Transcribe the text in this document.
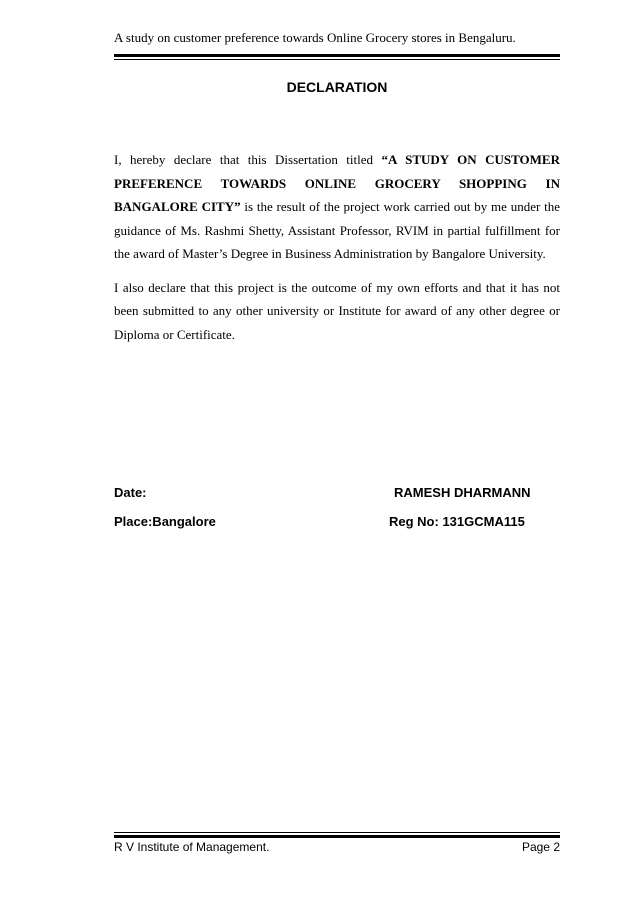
A study on customer preference towards Online Grocery stores in Bengaluru.
DECLARATION

I, hereby declare that this Dissertation titled “A STUDY ON CUSTOMER PREFERENCE TOWARDS ONLINE GROCERY SHOPPING IN BANGALORE CITY” is the result of the project work carried out by me under the guidance of Ms. Rashmi Shetty, Assistant Professor, RVIM in partial fulfillment for the award of Master’s Degree in Business Administration by Bangalore University.

I also declare that this project is the outcome of my own efforts and that it has not been submitted to any other university or Institute for award of any other degree or Diploma or Certificate.

Date:
Place:Bangalore
RAMESH DHARMANN
Reg No: 131GCMA115
R V Institute of Management.	Page 2
